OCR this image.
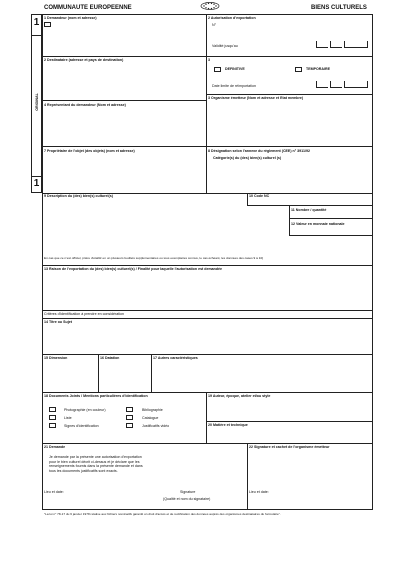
COMMUNAUTE EUROPEENNE	BIENS CULTURELS
1
1
ORIGINAL
1 Demandeur (nom et adresse)	2 Autorisation d'exportation
N°
Validité jusqu'au
2 Destinataire (adresse et pays de destination)	3
DEFINITIVE	TEMPORAIRE
Date limite de réimportation
4 Représentant du demandeur (Nom et adresse)
3 Organisme émetteur (Nom et adresse et Etat membre)
7 Propriétaire de l'objet (des objets) (nom et adresse)	8 Désignation selon l'annexe du règlement (CEE) n° 3911/92
Catégorie(s) du (des) bien(s) culturel (s)
9 Description du (des) bien(s) culturel(s)	10 Code NC
11 Nombre / quantité
12 Valeur en monnaie nationale
En cas que ce n'est officiel, prière d'établir en un plusieurs feuillets supplémentaires ou tous exemplaires connus, le cas échéant, les données des cases 9 à 10)
13 Raison de l'exportation du (des) bien(s) culturel(s) / Finalité pour laquelle l'autorisation est demandée
Critères d'identification à prendre en considération
14 Titre ou Sujet
15 Dimension	16 Datation	17 Autres caractéristiques
18 Documents Joints / Mentions particulières d'identification	19 Auteur, époque, atelier et/ou style
20 Matière et technique
Photographie (en couleur)
Liste
Signes d'identification
Bibliographie
Catalogue
Justificatifs vidéo
21 Demande
Je demande par la présente une autorisation d'exportation pour le bien culturel décrit ci-dessus et je déclare que les renseignements fournis dans la présente demande et dans tous les documents justificatifs sont exacts.
Lieu et date:	Signature
(Qualité et nom du signataire)
22 Signature et cachet de l'organisme émetteur
Lieu et date:
"La loi n° 78-17 du 6 janvier 1978 relative aux fichiers nominatifs garantit un droit d'accès et de rectification des données auprès des organismes destinataires du formulaire".
